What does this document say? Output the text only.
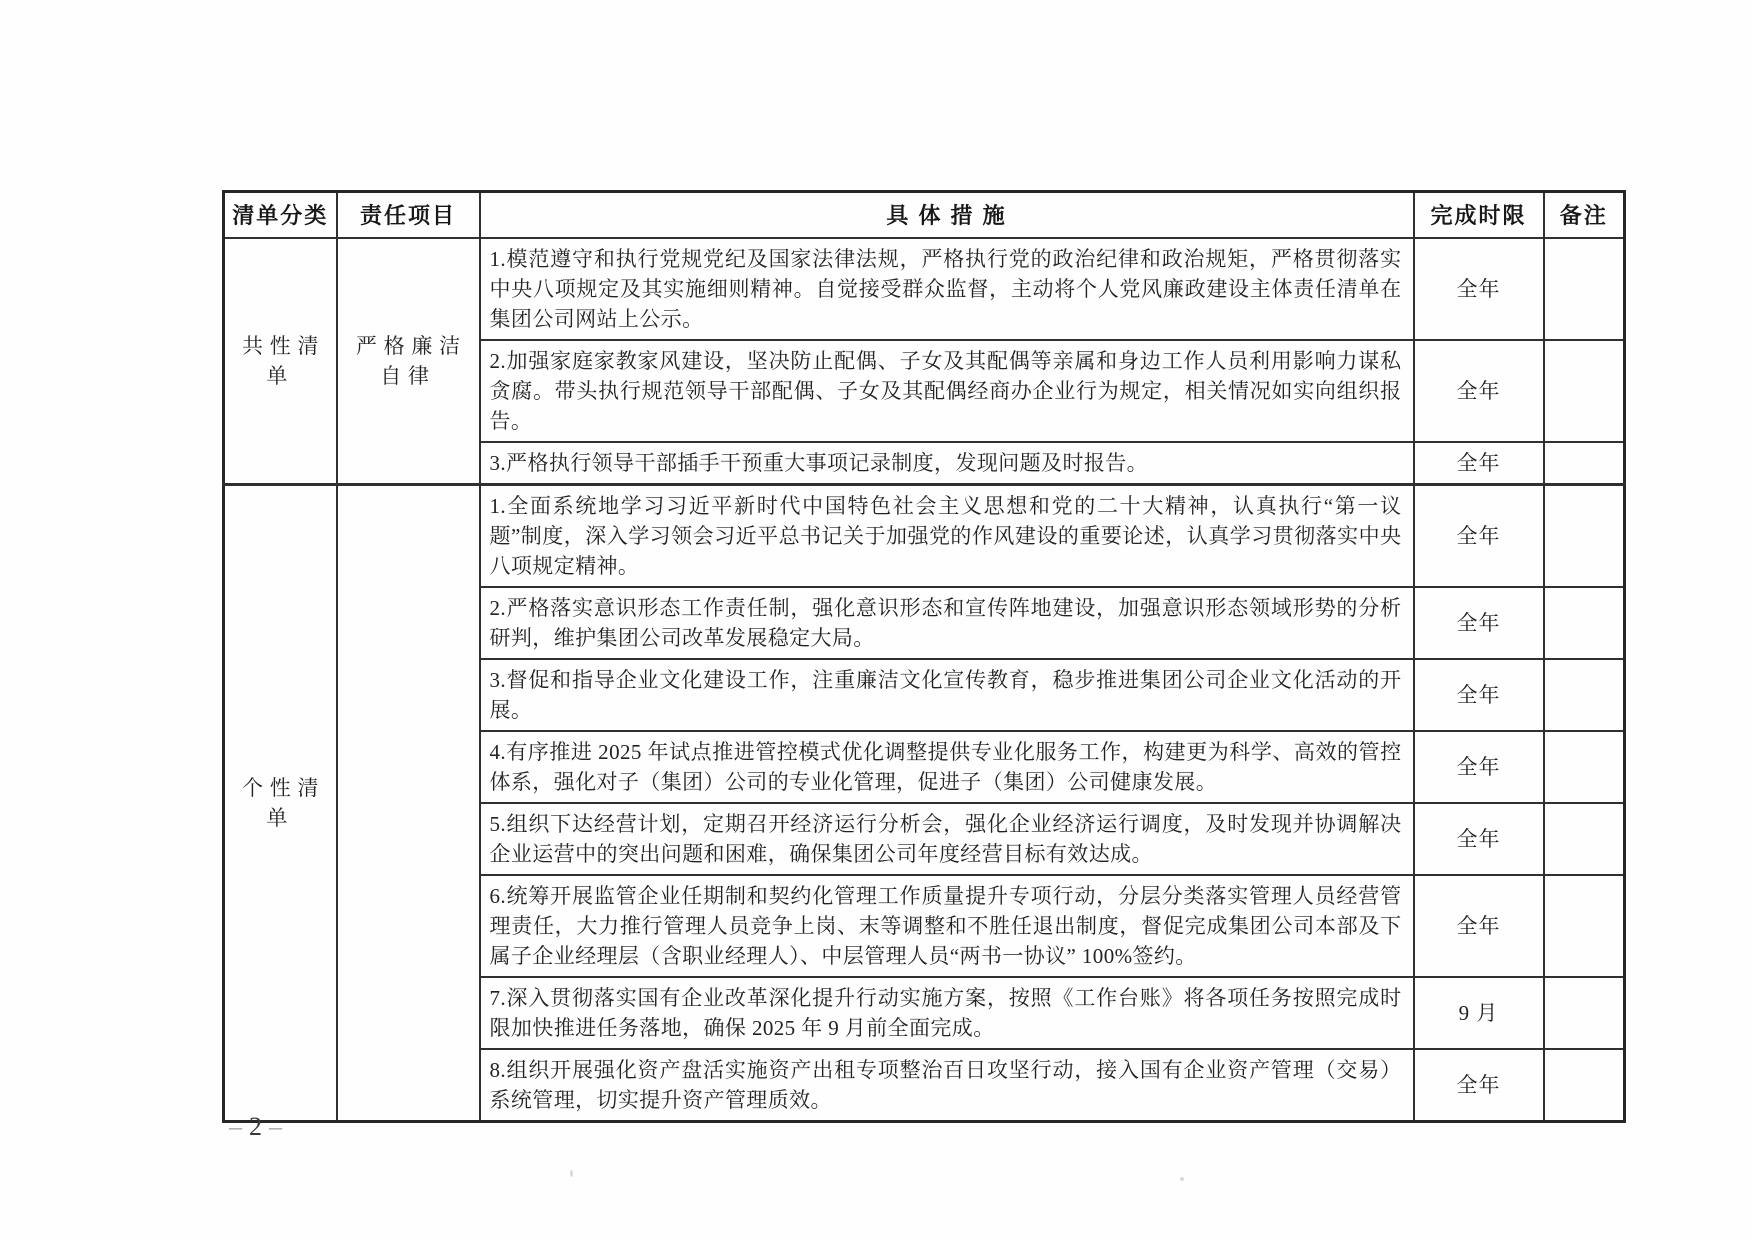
清单分类	责任项目	具 体 措 施	完成时限	备注
共性清单	严格廉洁自律	1.模范遵守和执行党规党纪及国家法律法规，严格执行党的政治纪律和政治规矩，严格贯彻落实中央八项规定及其实施细则精神。自觉接受群众监督，主动将个人党风廉政建设主体责任清单在集团公司网站上公示。	全年	
		2.加强家庭家教家风建设，坚决防止配偶、子女及其配偶等亲属和身边工作人员利用影响力谋私贪腐。带头执行规范领导干部配偶、子女及其配偶经商办企业行为规定，相关情况如实向组织报告。	全年	
		3.严格执行领导干部插手干预重大事项记录制度，发现问题及时报告。	全年	
个性清单		1.全面系统地学习习近平新时代中国特色社会主义思想和党的二十大精神，认真执行“第一议题”制度，深入学习领会习近平总书记关于加强党的作风建设的重要论述，认真学习贯彻落实中央八项规定精神。	全年	
		2.严格落实意识形态工作责任制，强化意识形态和宣传阵地建设，加强意识形态领域形势的分析研判，维护集团公司改革发展稳定大局。	全年	
		3.督促和指导企业文化建设工作，注重廉洁文化宣传教育，稳步推进集团公司企业文化活动的开展。	全年	
		4.有序推进 2025 年试点推进管控模式优化调整提供专业化服务工作，构建更为科学、高效的管控体系，强化对子（集团）公司的专业化管理，促进子（集团）公司健康发展。	全年	
		5.组织下达经营计划，定期召开经济运行分析会，强化企业经济运行调度，及时发现并协调解决企业运营中的突出问题和困难，确保集团公司年度经营目标有效达成。	全年	
		6.统筹开展监管企业任期制和契约化管理工作质量提升专项行动，分层分类落实管理人员经营管理责任，大力推行管理人员竞争上岗、末等调整和不胜任退出制度，督促完成集团公司本部及下属子企业经理层（含职业经理人）、中层管理人员“两书一协议” 100%签约。	全年	
		7.深入贯彻落实国有企业改革深化提升行动实施方案，按照《工作台账》将各项任务按照完成时限加快推进任务落地，确保 2025 年 9 月前全面完成。	9 月	
		8.组织开展强化资产盘活实施资产出租专项整治百日攻坚行动，接入国有企业资产管理（交易）系统管理，切实提升资产管理质效。	全年	
– 2 –
